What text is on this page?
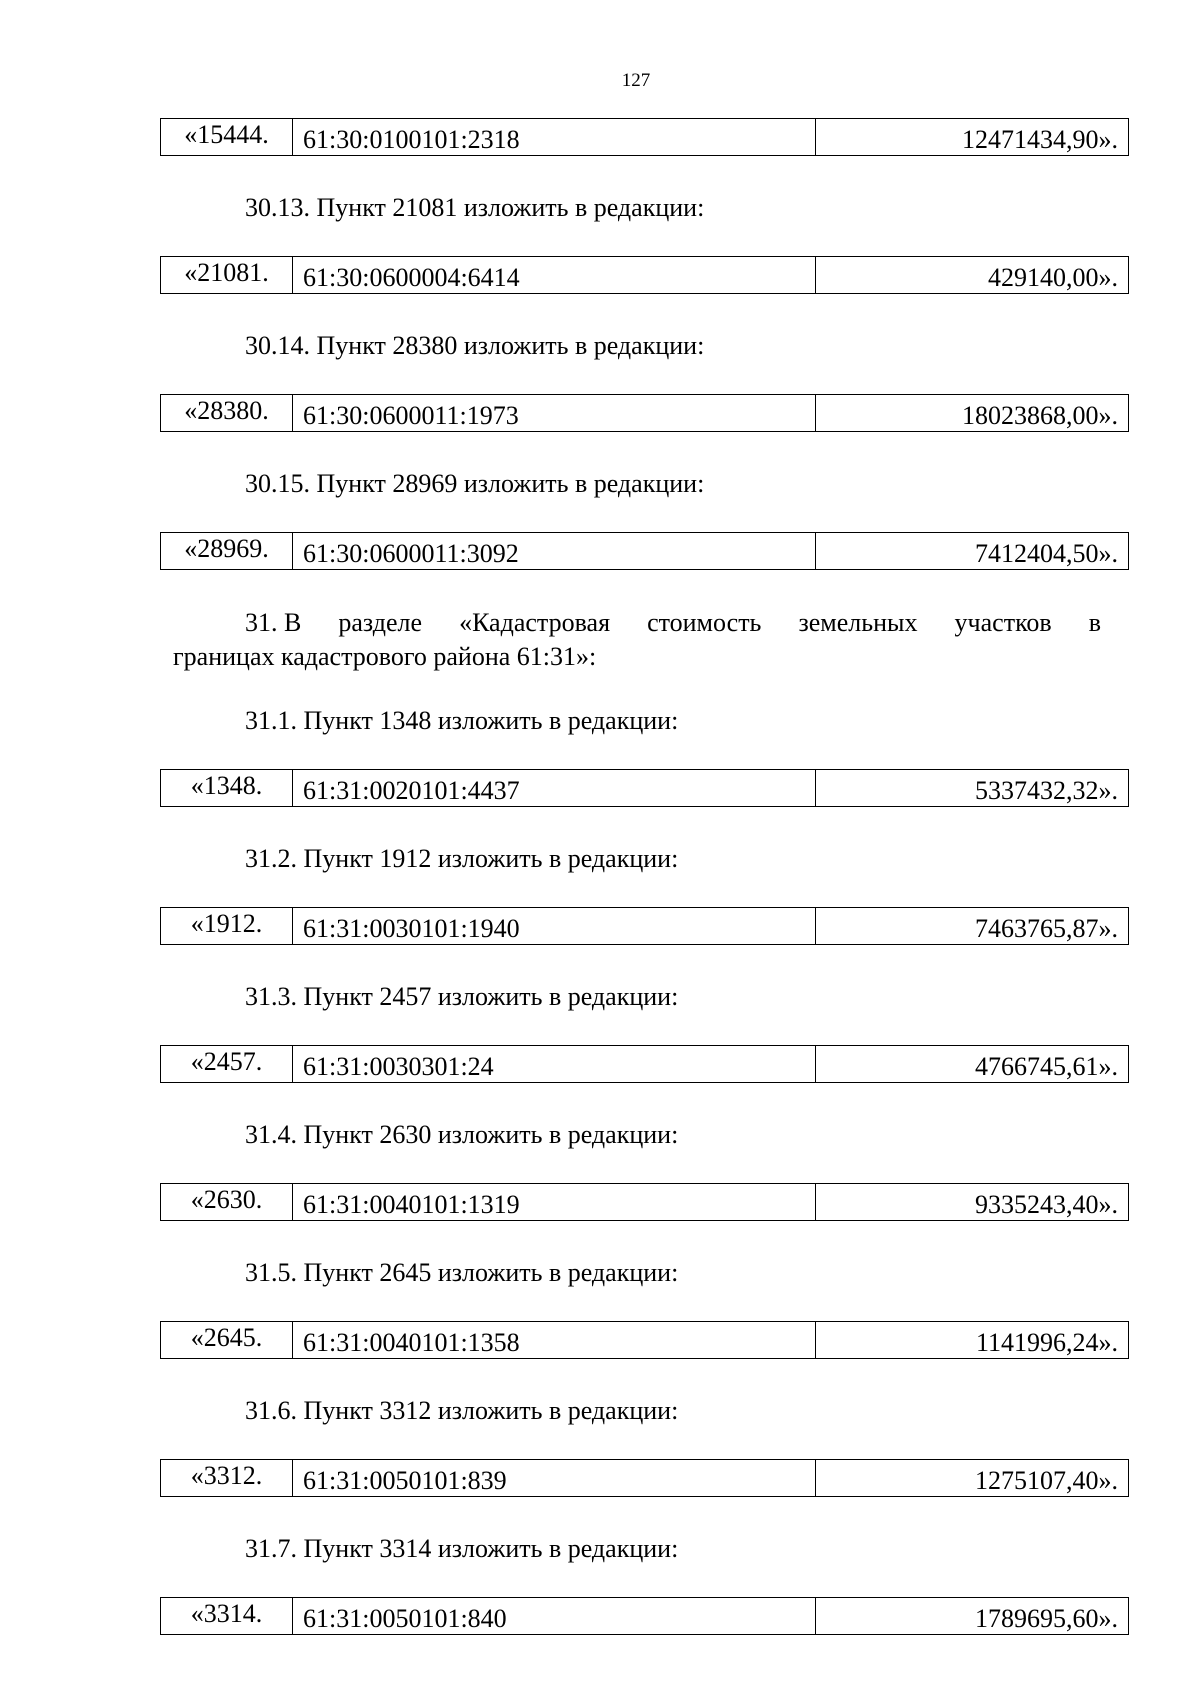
127
«15444.	61:30:0100101:2318	12471434,90».
30.13. Пункт 21081 изложить в редакции:
«21081.	61:30:0600004:6414	429140,00».
30.14. Пункт 28380 изложить в редакции:
«28380.	61:30:0600011:1973	18023868,00».
30.15. Пункт 28969 изложить в редакции:
«28969.	61:30:0600011:3092	7412404,50».
31. В разделе «Кадастровая стоимость земельных участков в
границах кадастрового района 61:31»:
31.1. Пункт 1348 изложить в редакции:
«1348.	61:31:0020101:4437	5337432,32».
31.2. Пункт 1912 изложить в редакции:
«1912.	61:31:0030101:1940	7463765,87».
31.3. Пункт 2457 изложить в редакции:
«2457.	61:31:0030301:24	4766745,61».
31.4. Пункт 2630 изложить в редакции:
«2630.	61:31:0040101:1319	9335243,40».
31.5. Пункт 2645 изложить в редакции:
«2645.	61:31:0040101:1358	1141996,24».
31.6. Пункт 3312 изложить в редакции:
«3312.	61:31:0050101:839	1275107,40».
31.7. Пункт 3314 изложить в редакции:
«3314.	61:31:0050101:840	1789695,60».
